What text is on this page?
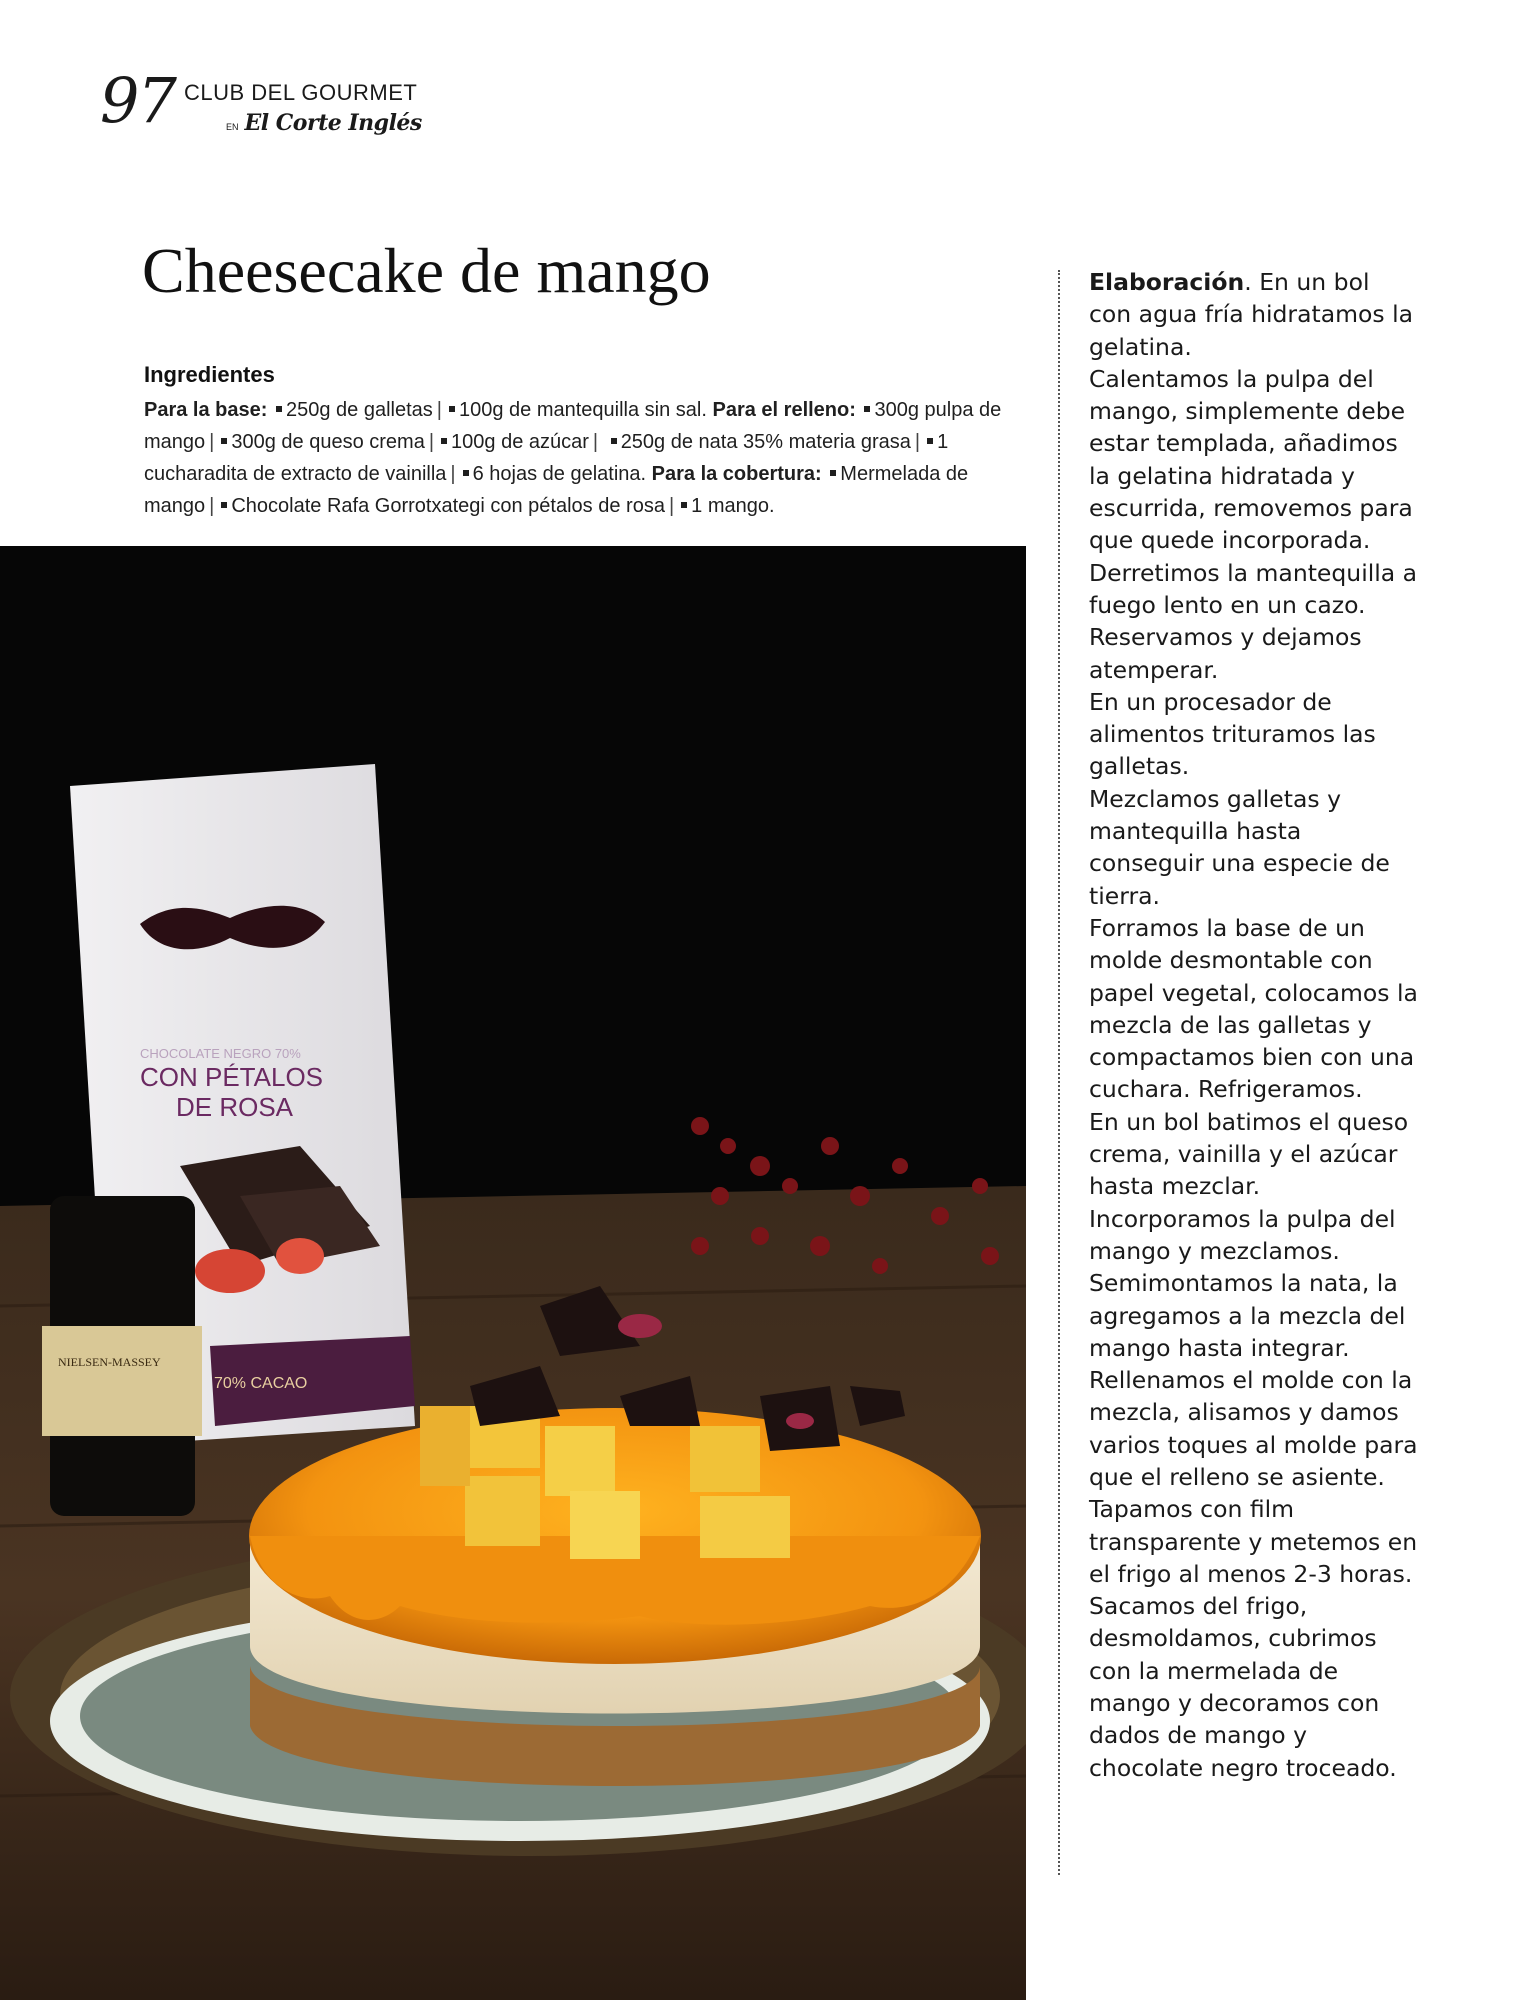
97 CLUB DEL GOURMET
EN El Corte Inglés
Cheesecake de mango
Ingredientes
Para la base: 250g de galletas | 100g de mantequilla sin sal. Para el relleno: 300g pulpa de mango | 300g de queso crema | 100g de azúcar | 250g de nata 35% materia grasa | 1 cucharadita de extracto de vainilla | 6 hojas de gelatina. Para la cobertura: Mermelada de mango | Chocolate Rafa Gorrotxategi con pétalos de rosa | 1 mango.
CHOCOLATE NEGRO 70%
CON PÉTALOS
DE ROSA
70% CACAO
NIELSEN-MASSEY

Elaboración. En un bol con agua fría hidratamos la gelatina.

Calentamos la pulpa del mango, simplemente debe estar templada, añadimos la gelatina hidratada y escurrida, removemos para que quede incorporada.

Derretimos la mantequilla a fuego lento en un cazo. Reservamos y dejamos atemperar.

En un procesador de alimentos trituramos las galletas.

Mezclamos galletas y mantequilla hasta conseguir una especie de tierra.

Forramos la base de un molde desmontable con papel vegetal, colocamos la mezcla de las galletas y compactamos bien con una cuchara. Refrigeramos.

En un bol batimos el queso crema, vainilla y el azúcar hasta mezclar. Incorporamos la pulpa del mango y mezclamos.

Semimontamos la nata, la agregamos a la mezcla del mango hasta integrar.

Rellenamos el molde con la mezcla, alisamos y damos varios toques al molde para que el relleno se asiente.

Tapamos con film transparente y metemos en el frigo al menos 2-3 horas. Sacamos del frigo, desmoldamos, cubrimos con la mermelada de mango y decoramos con dados de mango y chocolate negro troceado.
